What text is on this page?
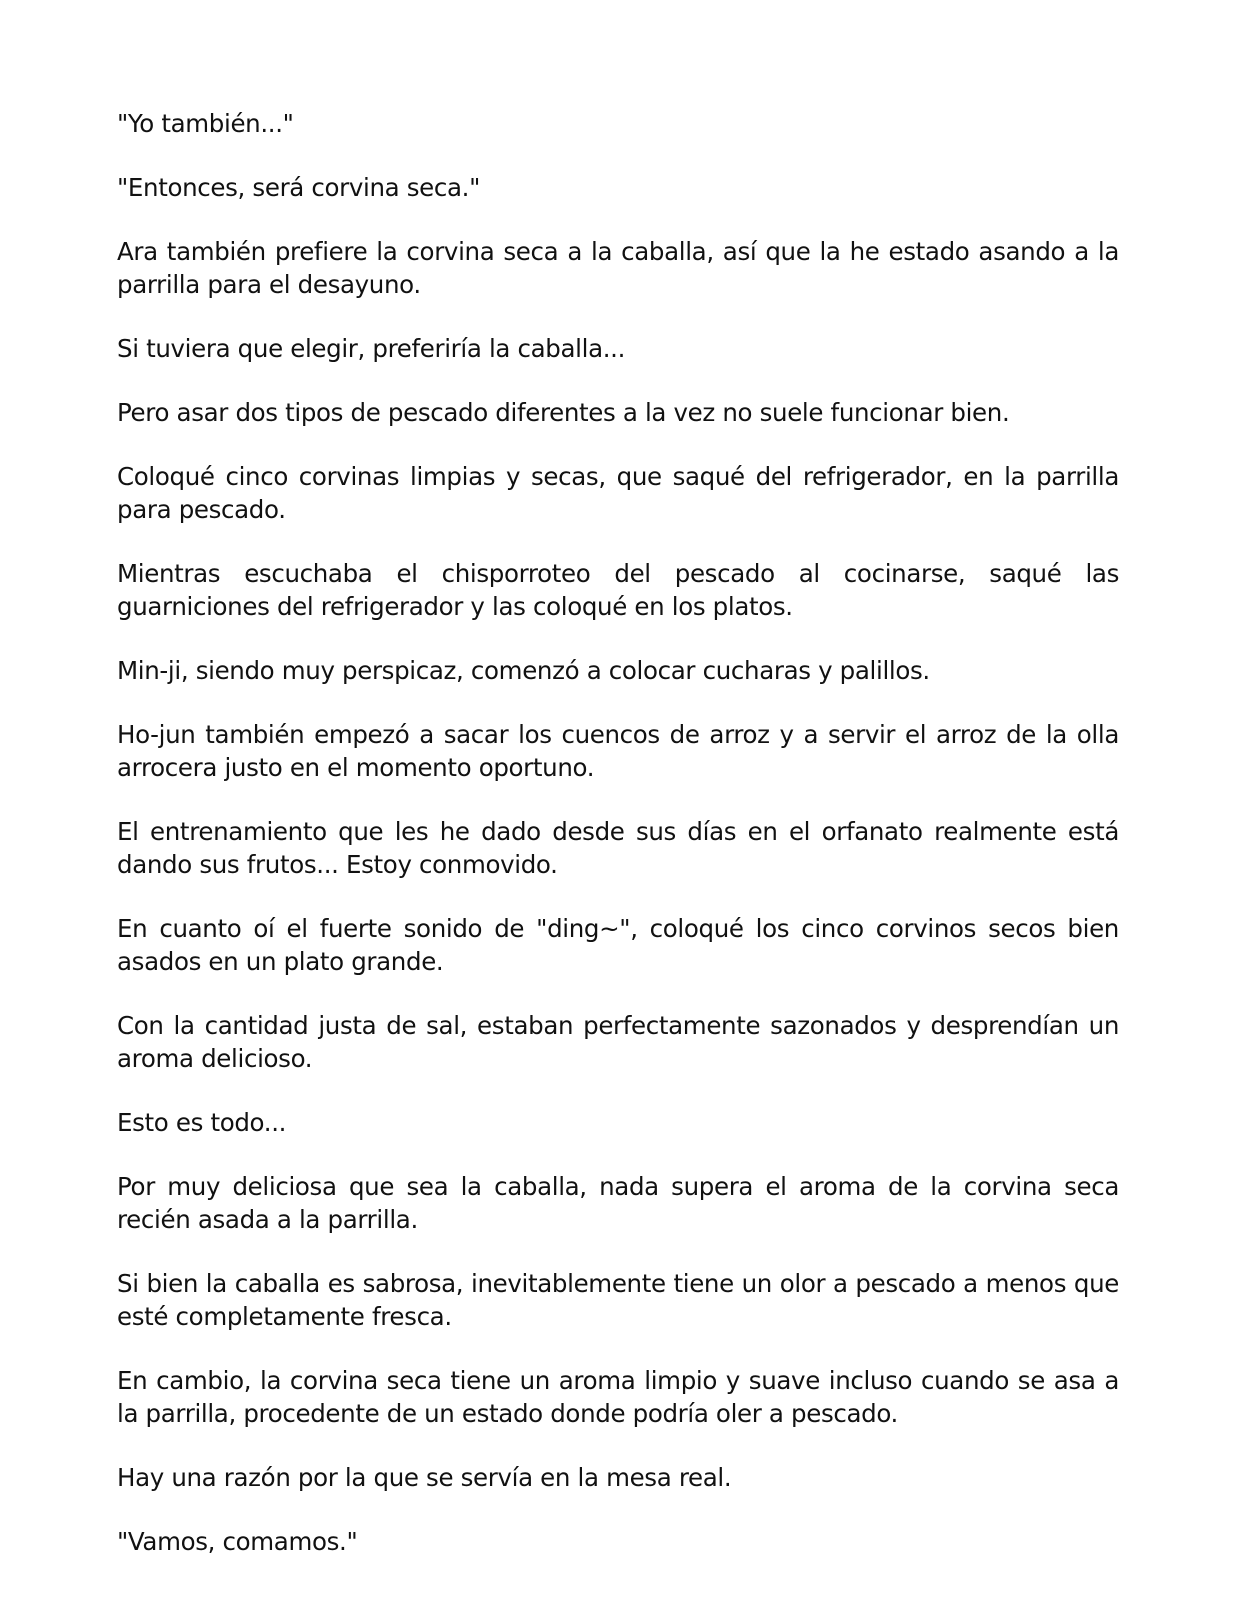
"Yo también..."

"Entonces, será corvina seca."

Ara también prefiere la corvina seca a la caballa, así que la he estado asando a la parrilla para el desayuno.

Si tuviera que elegir, preferiría la caballa...

Pero asar dos tipos de pescado diferentes a la vez no suele funcionar bien.

Coloqué cinco corvinas limpias y secas, que saqué del refrigerador, en la parrilla para pescado.

Mientras escuchaba el chisporroteo del pescado al cocinarse, saqué las guarniciones del refrigerador y las coloqué en los platos.

Min-ji, siendo muy perspicaz, comenzó a colocar cucharas y palillos.

Ho-jun también empezó a sacar los cuencos de arroz y a servir el arroz de la olla arrocera justo en el momento oportuno.

El entrenamiento que les he dado desde sus días en el orfanato realmente está dando sus frutos... Estoy conmovido.

En cuanto oí el fuerte sonido de "ding~", coloqué los cinco corvinos secos bien asados en un plato grande.

Con la cantidad justa de sal, estaban perfectamente sazonados y desprendían un aroma delicioso.

Esto es todo...

Por muy deliciosa que sea la caballa, nada supera el aroma de la corvina seca recién asada a la parrilla.

Si bien la caballa es sabrosa, inevitablemente tiene un olor a pescado a menos que esté completamente fresca.

En cambio, la corvina seca tiene un aroma limpio y suave incluso cuando se asa a la parrilla, procedente de un estado donde podría oler a pescado.

Hay una razón por la que se servía en la mesa real.

"Vamos, comamos."
